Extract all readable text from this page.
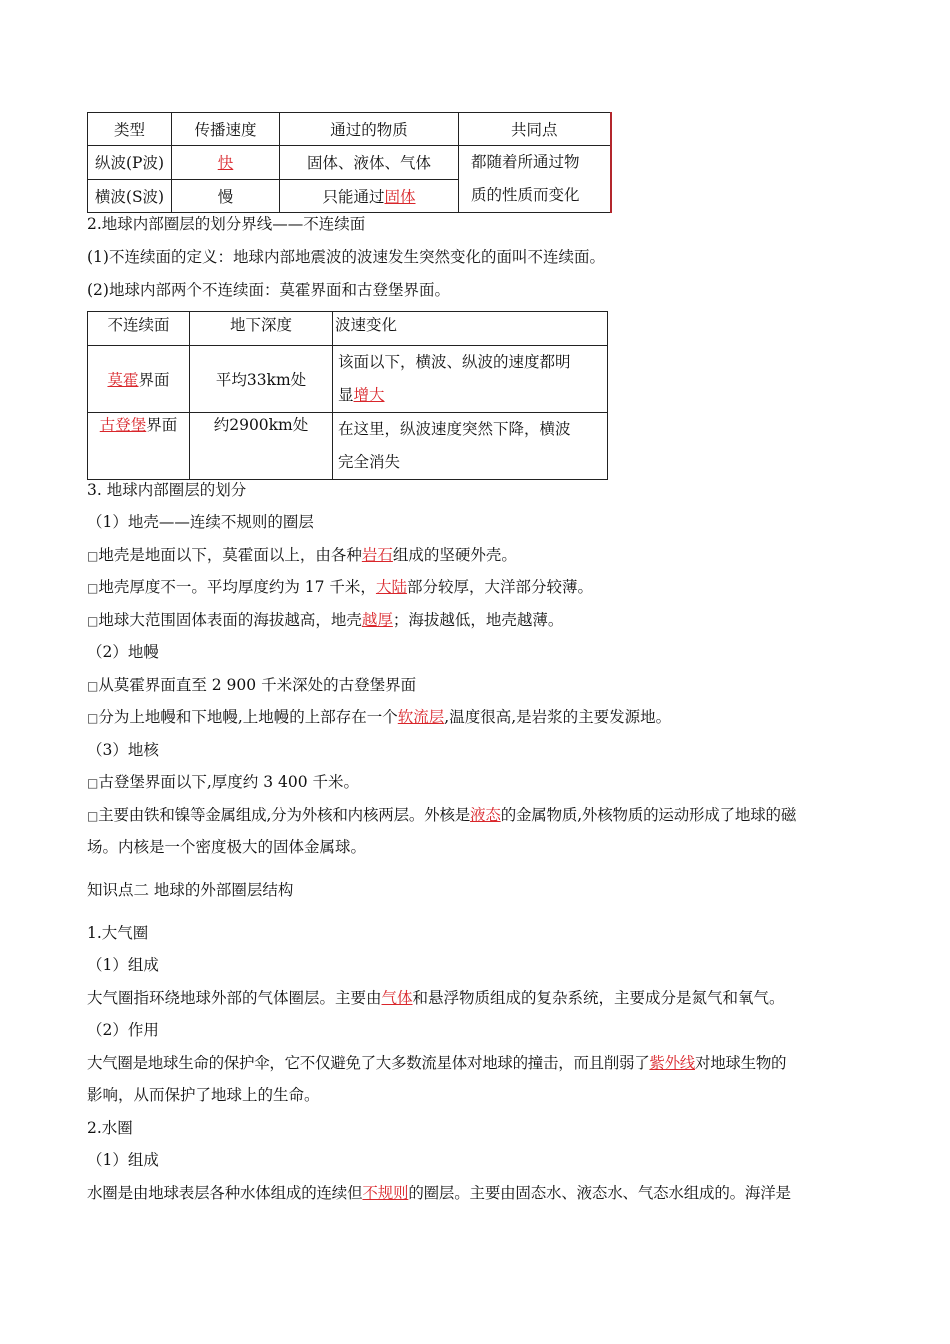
类型	传播速度	通过的物质	共同点
纵波(P波)	快	固体、液体、气体	都随着所通过物
质的性质而变化

横波(S波)	慢	只能通过固体	
2.地球内部圈层的划分界线——不连续面
(1)不连续面的定义：地球内部地震波的波速发生突然变化的面叫不连续面。
(2)地球内部两个不连续面：莫霍界面和古登堡界面。
不连续面	地下深度	波速变化
莫霍界面	平均33km处	该面以下，横波、纵波的速度都明
显增大

古登堡界面	约2900km处	在这里，纵波速度突然下降，横波
完全消失
3. 地球内部圈层的划分
（1）地壳——连续不规则的圈层
□地壳是地面以下，莫霍面以上，由各种岩石组成的坚硬外壳。
□地壳厚度不一。平均厚度约为 17 千米，大陆部分较厚，大洋部分较薄。
□地球大范围固体表面的海拔越高，地壳越厚；海拔越低，地壳越薄。
（2）地幔
□从莫霍界面直至 2 900 千米深处的古登堡界面
□分为上地幔和下地幔,上地幔的上部存在一个软流层,温度很高,是岩浆的主要发源地。
（3）地核
□古登堡界面以下,厚度约 3 400 千米。
□主要由铁和镍等金属组成,分为外核和内核两层。外核是液态的金属物质,外核物质的运动形成了地球的磁
场。内核是一个密度极大的固体金属球。
知识点二 地球的外部圈层结构
1.大气圈
（1）组成
大气圈指环绕地球外部的气体圈层。主要由气体和悬浮物质组成的复杂系统，主要成分是氮气和氧气。
（2）作用
大气圈是地球生命的保护伞，它不仅避免了大多数流星体对地球的撞击，而且削弱了紫外线对地球生物的
影响，从而保护了地球上的生命。
2.水圈
（1）组成
水圈是由地球表层各种水体组成的连续但不规则的圈层。主要由固态水、液态水、气态水组成的。海洋是
